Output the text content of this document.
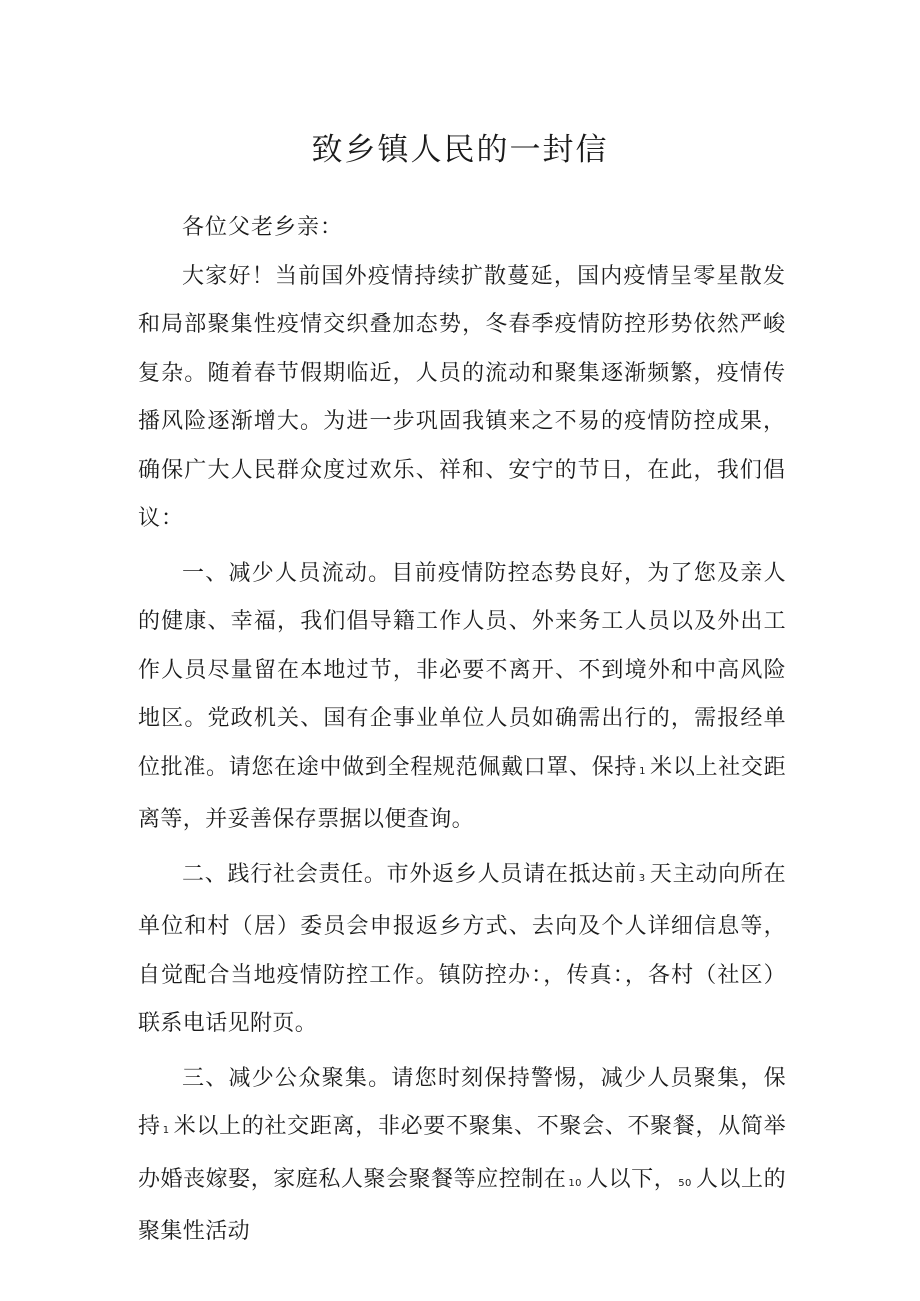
致乡镇人民的一封信

各位父老乡亲：

大家好！当前国外疫情持续扩散蔓延，国内疫情呈零星散发和局部聚集性疫情交织叠加态势，冬春季疫情防控形势依然严峻复杂。随着春节假期临近，人员的流动和聚集逐渐频繁，疫情传播风险逐渐增大。为进一步巩固我镇来之不易的疫情防控成果，确保广大人民群众度过欢乐、祥和、安宁的节日，在此，我们倡议：

一、减少人员流动。目前疫情防控态势良好，为了您及亲人的健康、幸福，我们倡导籍工作人员、外来务工人员以及外出工作人员尽量留在本地过节，非必要不离开、不到境外和中高风险地区。党政机关、国有企事业单位人员如确需出行的，需报经单位批准。请您在途中做到全程规范佩戴口罩、保持 1 米以上社交距离等，并妥善保存票据以便查询。

二、践行社会责任。市外返乡人员请在抵达前 3 天主动向所在单位和村（居）委员会申报返乡方式、去向及个人详细信息等，自觉配合当地疫情防控工作。镇防控办：，传真：，各村（社区）联系电话见附页。

三、减少公众聚集。请您时刻保持警惕，减少人员聚集，保持 1 米以上的社交距离，非必要不聚集、不聚会、不聚餐，从简举办婚丧嫁娶，家庭私人聚会聚餐等应控制在 10 人以下， 50 人以上的聚集性活动
